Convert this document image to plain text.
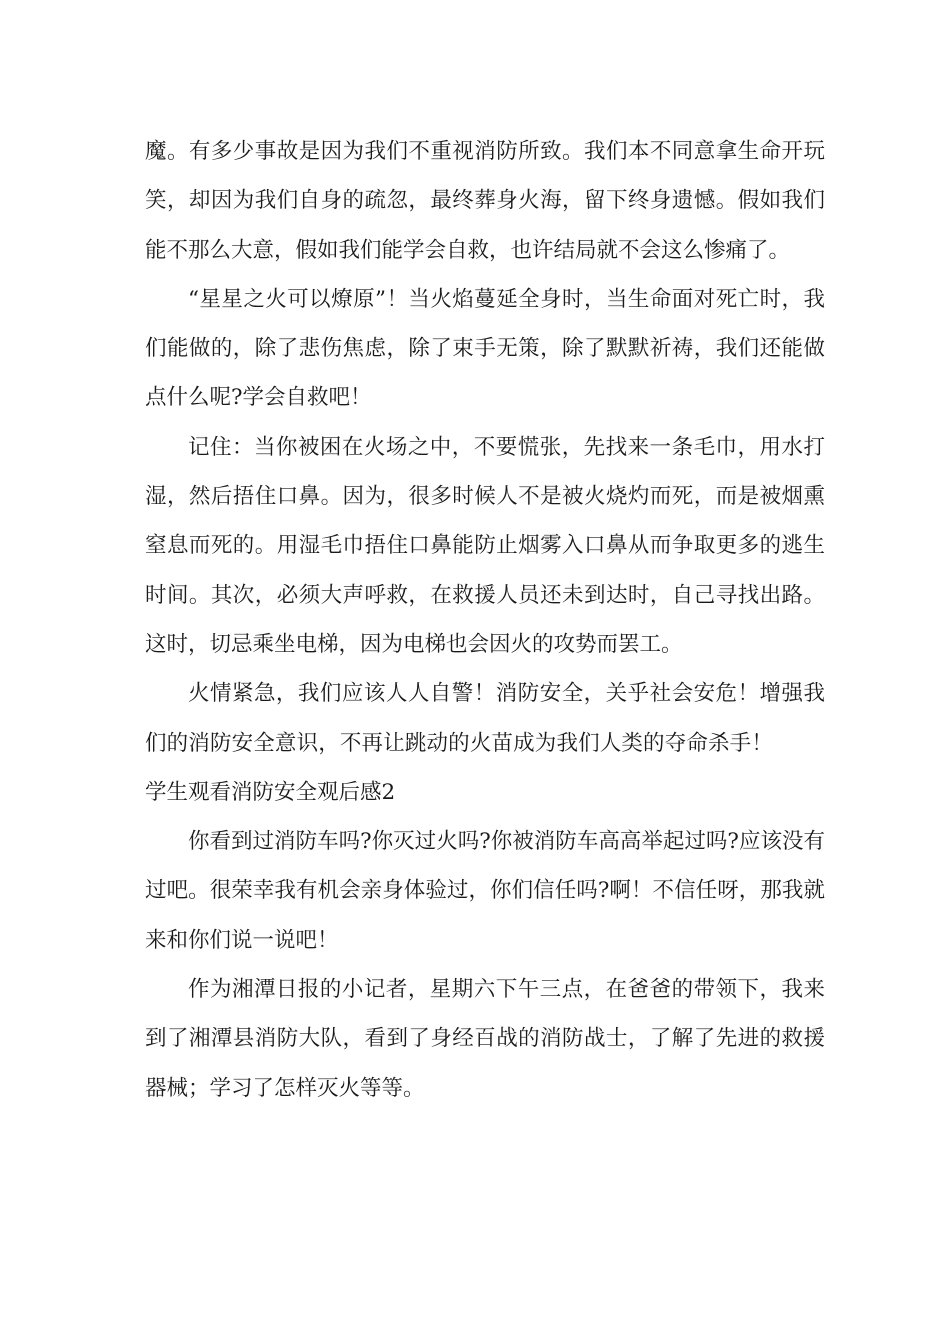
魔。有多少事故是因为我们不重视消防所致。我们本不同意拿生命开玩笑，却因为我们自身的疏忽，最终葬身火海，留下终身遗憾。假如我们能不那么大意，假如我们能学会自救，也许结局就不会这么惨痛了。

“星星之火可以燎原”！当火焰蔓延全身时，当生命面对死亡时，我们能做的，除了悲伤焦虑，除了束手无策，除了默默祈祷，我们还能做点什么呢?学会自救吧！

记住：当你被困在火场之中，不要慌张，先找来一条毛巾，用水打湿，然后捂住口鼻。因为，很多时候人不是被火烧灼而死，而是被烟熏窒息而死的。用湿毛巾捂住口鼻能防止烟雾入口鼻从而争取更多的逃生时间。其次，必须大声呼救，在救援人员还未到达时，自己寻找出路。这时，切忌乘坐电梯，因为电梯也会因火的攻势而罢工。

火情紧急，我们应该人人自警！消防安全，关乎社会安危！增强我们的消防安全意识，不再让跳动的火苗成为我们人类的夺命杀手！学生观看消防安全观后感2

你看到过消防车吗?你灭过火吗?你被消防车高高举起过吗?应该没有过吧。很荣幸我有机会亲身体验过，你们信任吗?啊！不信任呀，那我就来和你们说一说吧！

作为湘潭日报的小记者，星期六下午三点，在爸爸的带领下，我来到了湘潭县消防大队，看到了身经百战的消防战士，了解了先进的救援器械；学习了怎样灭火等等。
